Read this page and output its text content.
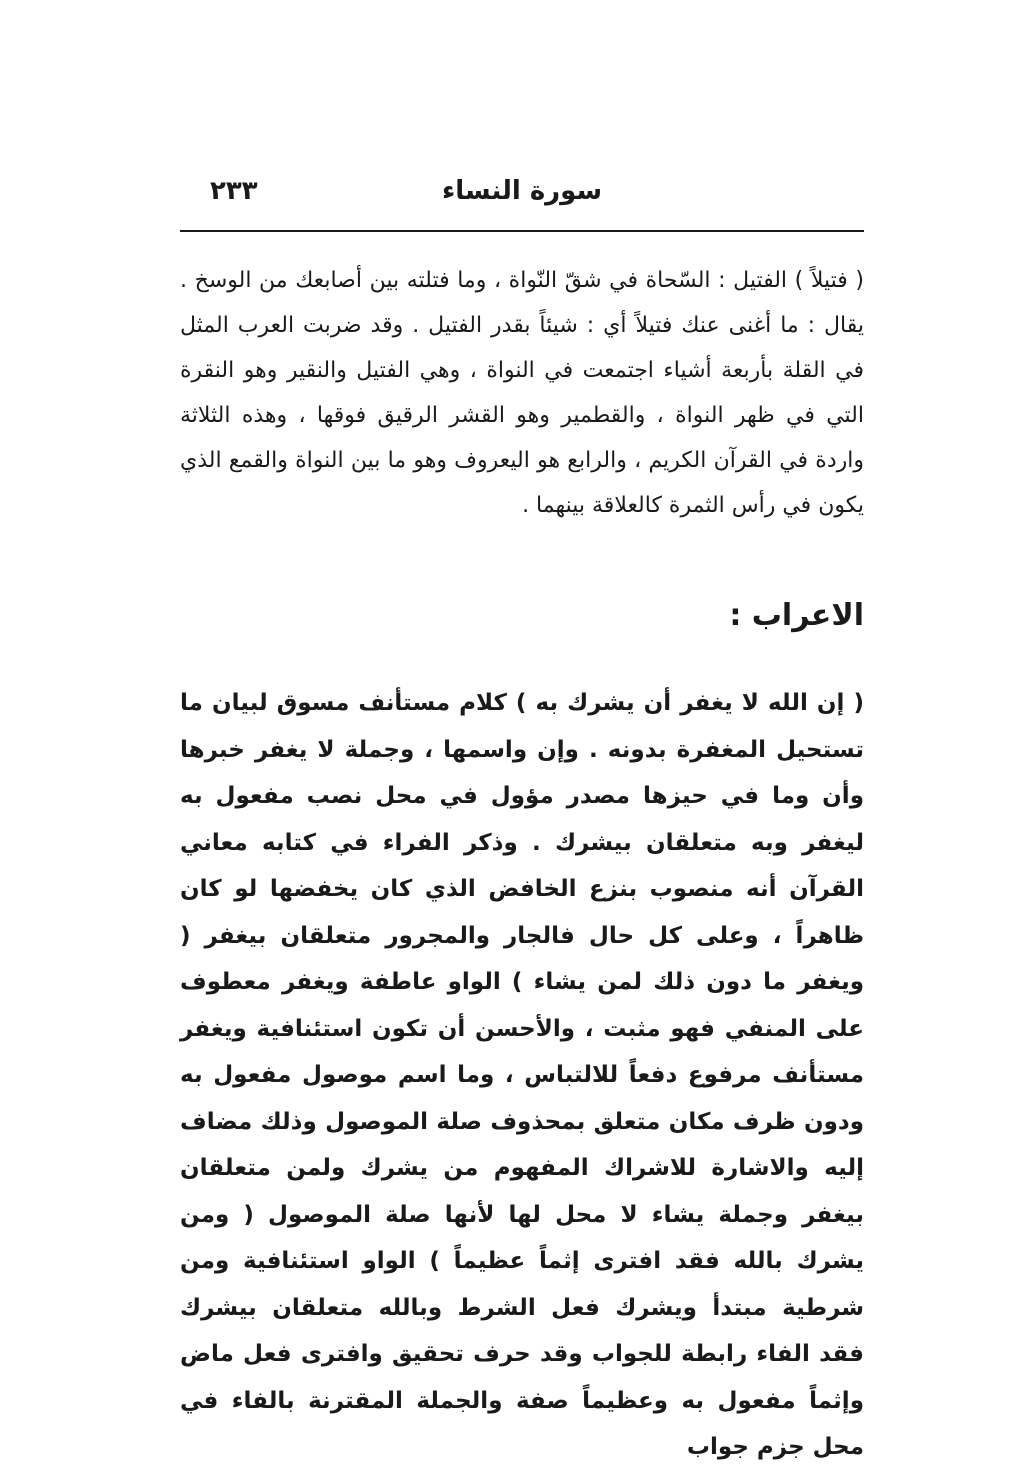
٢٣٣	سورة النساء

( فتيلاً ) الفتيل : السّحاة في شقّ النّواة ، وما فتلته بين أصابعك من الوسخ . يقال : ما أغنى عنك فتيلاً أي : شيئاً بقدر الفتيل . وقد ضربت العرب المثل في القلة بأربعة أشياء اجتمعت في النواة ، وهي الفتيل والنقير وهو النقرة التي في ظهر النواة ، والقطمير وهو القشر الرقيق فوقها ، وهذه الثلاثة واردة في القرآن الكريم ، والرابع هو اليعروف وهو ما بين النواة والقمع الذي يكون في رأس الثمرة كالعلاقة بينهما .

الاعراب :

( إن الله لا يغفر أن يشرك به ) كلام مستأنف مسوق لبيان ما تستحيل المغفرة بدونه . وإن واسمها ، وجملة لا يغفر خبرها وأن وما في حيزها مصدر مؤول في محل نصب مفعول به ليغفر وبه متعلقان بيشرك . وذكر الفراء في كتابه معاني القرآن أنه منصوب بنزع الخافض الذي كان يخفضها لو كان ظاهراً ، وعلى كل حال فالجار والمجرور متعلقان بيغفر ( ويغفر ما دون ذلك لمن يشاء ) الواو عاطفة ويغفر معطوف على المنفي فهو مثبت ، والأحسن أن تكون استئنافية ويغفر مستأنف مرفوع دفعاً للالتباس ، وما اسم موصول مفعول به ودون ظرف مكان متعلق بمحذوف صلة الموصول وذلك مضاف إليه والاشارة للاشراك المفهوم من يشرك ولمن متعلقان بيغفر وجملة يشاء لا محل لها لأنها صلة الموصول ( ومن يشرك بالله فقد افترى إثماً عظيماً ) الواو استئنافية ومن شرطية مبتدأ ويشرك فعل الشرط وبالله متعلقان بيشرك فقد الفاء رابطة للجواب وقد حرف تحقيق وافترى فعل ماض وإثماً مفعول به وعظيماً صفة والجملة المقترنة بالفاء في محل جزم جواب
